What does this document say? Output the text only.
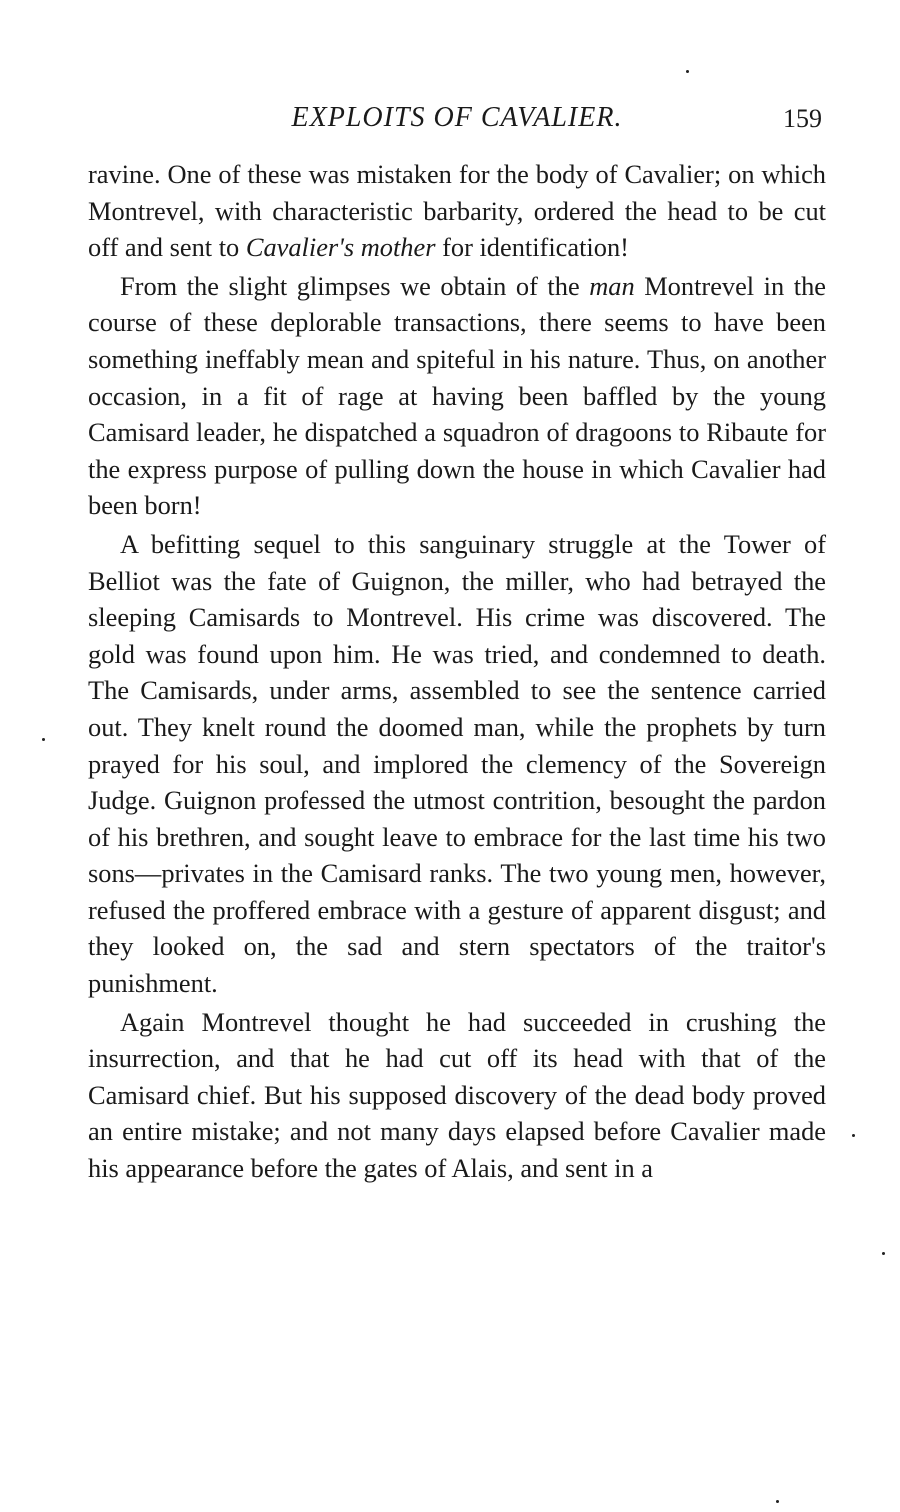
EXPLOITS OF CAVALIER.	159

ravine. One of these was mistaken for the body of Cavalier; on which Montrevel, with characteristic barbarity, ordered the head to be cut off and sent to Cavalier's mother for identification!

From the slight glimpses we obtain of the man Montrevel in the course of these deplorable transactions, there seems to have been something ineffably mean and spiteful in his nature. Thus, on another occasion, in a fit of rage at having been baffled by the young Camisard leader, he dispatched a squadron of dragoons to Ribaute for the express purpose of pulling down the house in which Cavalier had been born!

A befitting sequel to this sanguinary struggle at the Tower of Belliot was the fate of Guignon, the miller, who had betrayed the sleeping Camisards to Montrevel. His crime was discovered. The gold was found upon him. He was tried, and condemned to death. The Camisards, under arms, assembled to see the sentence carried out. They knelt round the doomed man, while the prophets by turn prayed for his soul, and implored the clemency of the Sovereign Judge. Guignon professed the utmost contrition, besought the pardon of his brethren, and sought leave to embrace for the last time his two sons—privates in the Camisard ranks. The two young men, however, refused the proffered embrace with a gesture of apparent disgust; and they looked on, the sad and stern spectators of the traitor's punishment.

Again Montrevel thought he had succeeded in crushing the insurrection, and that he had cut off its head with that of the Camisard chief. But his supposed discovery of the dead body proved an entire mistake; and not many days elapsed before Cavalier made his appearance before the gates of Alais, and sent in a
